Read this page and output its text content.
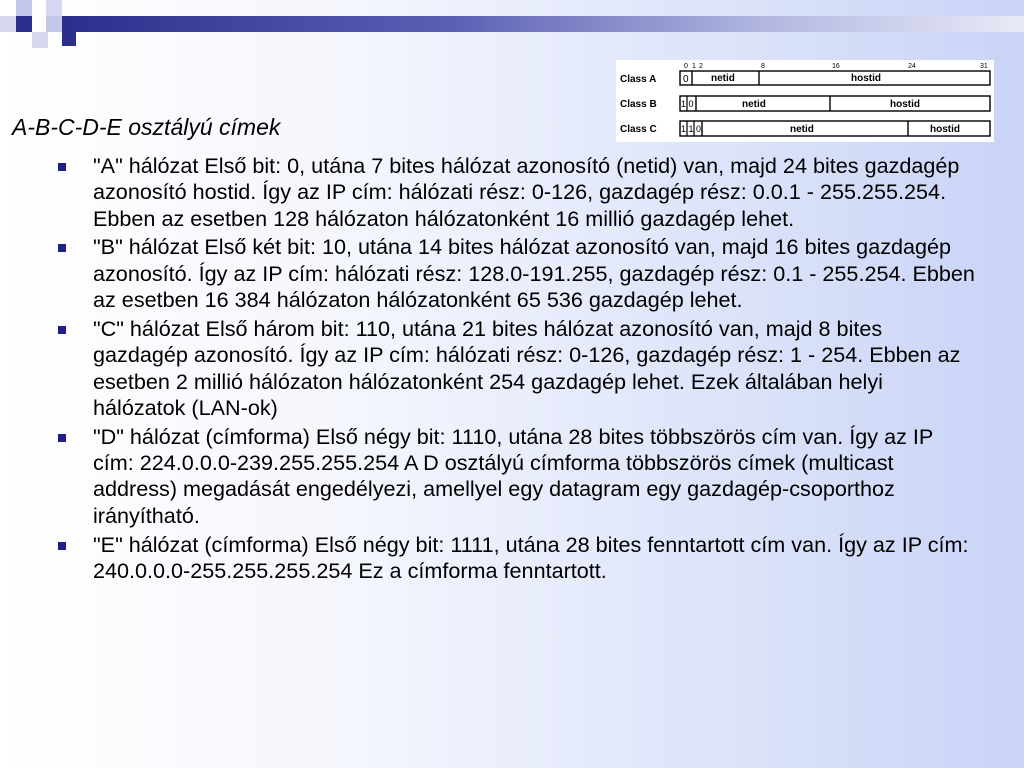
A-B-C-D-E osztályú címek
0 1 2	8	16	24	31
Class A	0 netid	hostid
Class B	1 0	netid	hostid
Class C	1 1 0	netid	hostid
"A" hálózat Első bit: 0, utána 7 bites hálózat azonosító (netid) van, majd 24 bites gazdagép azonosító hostid. Így az IP cím: hálózati rész: 0-126, gazdagép rész: 0.0.1 - 255.255.254. Ebben az esetben 128 hálózaton hálózatonként 16 millió gazdagép lehet.
"B" hálózat Első két bit: 10, utána 14 bites hálózat azonosító van, majd 16 bites gazdagép azonosító. Így az IP cím: hálózati rész: 128.0-191.255, gazdagép rész: 0.1 - 255.254. Ebben az esetben 16 384 hálózaton hálózatonként 65 536 gazdagép lehet.
"C" hálózat Első három bit: 110, utána 21 bites hálózat azonosító van, majd 8 bites gazdagép azonosító. Így az IP cím: hálózati rész: 0-126, gazdagép rész: 1 - 254. Ebben az esetben 2 millió hálózaton hálózatonként 254 gazdagép lehet. Ezek általában helyi hálózatok (LAN-ok)
"D" hálózat (címforma) Első négy bit: 1110, utána 28 bites többszörös cím van. Így az IP cím: 224.0.0.0-239.255.255.254 A D osztályú címforma többszörös címek (multicast address) megadását engedélyezi, amellyel egy datagram egy gazdagép-csoporthoz irányítható.
"E" hálózat (címforma) Első négy bit: 1111, utána 28 bites fenntartott cím van. Így az IP cím: 240.0.0.0-255.255.255.254 Ez a címforma fenntartott.
